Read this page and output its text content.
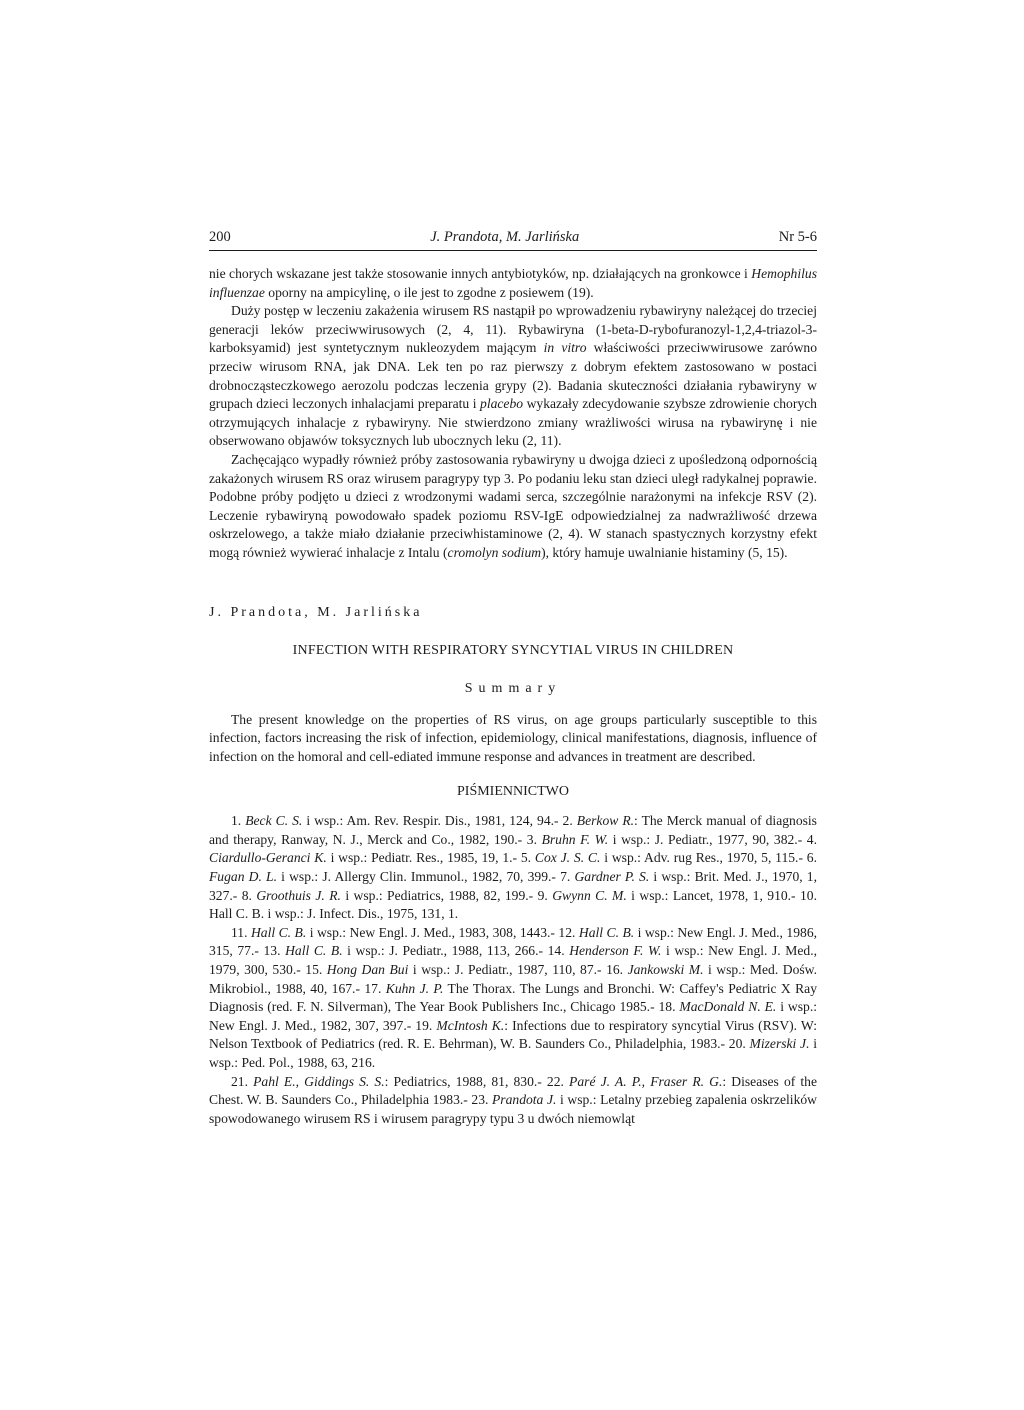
200	J. Prandota, M. Jarlińska	Nr 5-6

nie chorych wskazane jest także stosowanie innych antybiotyków, np. działających na gronkowce i Hemophilus influenzae oporny na ampicylinę, o ile jest to zgodne z posiewem (19).

Duży postęp w leczeniu zakażenia wirusem RS nastąpił po wprowadzeniu rybawiryny należącej do trzeciej generacji leków przeciwwirusowych (2, 4, 11). Rybawiryna (1-beta-D-rybofuranozyl-1,2,4-triazol-3-karboksyamid) jest syntetycznym nukleozydem mającym in vitro właściwości przeciwwirusowe zarówno przeciw wirusom RNA, jak DNA. Lek ten po raz pierwszy z dobrym efektem zastosowano w postaci drobnocząsteczkowego aerozolu podczas leczenia grypy (2). Badania skuteczności działania rybawiryny w grupach dzieci leczonych inhalacjami preparatu i placebo wykazały zdecydowanie szybsze zdrowienie chorych otrzymujących inhalacje z rybawiryny. Nie stwierdzono zmiany wrażliwości wirusa na rybawirynę i nie obserwowano objawów toksycznych lub ubocznych leku (2, 11).

Zachęcająco wypadły również próby zastosowania rybawiryny u dwojga dzieci z upośledzoną odpornością zakażonych wirusem RS oraz wirusem paragrypy typ 3. Po podaniu leku stan dzieci uległ radykalnej poprawie. Podobne próby podjęto u dzieci z wrodzonymi wadami serca, szczególnie narażonymi na infekcje RSV (2). Leczenie rybawiryną powodowało spadek poziomu RSV-IgE odpowiedzialnej za nadwrażliwość drzewa oskrzelowego, a także miało działanie przeciwhistaminowe (2, 4). W stanach spastycznych korzystny efekt mogą również wywierać inhalacje z Intalu (cromolyn sodium), który hamuje uwalnianie histaminy (5, 15).

J. Prandota, M. Jarlińska
INFECTION WITH RESPIRATORY SYNCYTIAL VIRUS IN CHILDREN
Summary
The present knowledge on the properties of RS virus, on age groups particularly susceptible to this infection, factors increasing the risk of infection, epidemiology, clinical manifestations, diagnosis, influence of infection on the homoral and cell-ediated immune response and advances in treatment are described.
PIŚMIENNICTWO

1. Beck C. S. i wsp.: Am. Rev. Respir. Dis., 1981, 124, 94.- 2. Berkow R.: The Merck manual of diagnosis and therapy, Ranway, N. J., Merck and Co., 1982, 190.- 3. Bruhn F. W. i wsp.: J. Pediatr., 1977, 90, 382.- 4. Ciardullo-Geranci K. i wsp.: Pediatr. Res., 1985, 19, 1.- 5. Cox J. S. C. i wsp.: Adv. rug Res., 1970, 5, 115.- 6. Fugan D. L. i wsp.: J. Allergy Clin. Immunol., 1982, 70, 399.- 7. Gardner P. S. i wsp.: Brit. Med. J., 1970, 1, 327.- 8. Groothuis J. R. i wsp.: Pediatrics, 1988, 82, 199.- 9. Gwynn C. M. i wsp.: Lancet, 1978, 1, 910.- 10. Hall C. B. i wsp.: J. Infect. Dis., 1975, 131, 1.

11. Hall C. B. i wsp.: New Engl. J. Med., 1983, 308, 1443.- 12. Hall C. B. i wsp.: New Engl. J. Med., 1986, 315, 77.- 13. Hall C. B. i wsp.: J. Pediatr., 1988, 113, 266.- 14. Henderson F. W. i wsp.: New Engl. J. Med., 1979, 300, 530.- 15. Hong Dan Bui i wsp.: J. Pediatr., 1987, 110, 87.- 16. Jankowski M. i wsp.: Med. Dośw. Mikrobiol., 1988, 40, 167.- 17. Kuhn J. P. The Thorax. The Lungs and Bronchi. W: Caffey's Pediatric X Ray Diagnosis (red. F. N. Silverman), The Year Book Publishers Inc., Chicago 1985.- 18. MacDonald N. E. i wsp.: New Engl. J. Med., 1982, 307, 397.- 19. McIntosh K.: Infections due to respiratory syncytial Virus (RSV). W: Nelson Textbook of Pediatrics (red. R. E. Behrman), W. B. Saunders Co., Philadelphia, 1983.- 20. Mizerski J. i wsp.: Ped. Pol., 1988, 63, 216.

21. Pahl E., Giddings S. S.: Pediatrics, 1988, 81, 830.- 22. Paré J. A. P., Fraser R. G.: Diseases of the Chest. W. B. Saunders Co., Philadelphia 1983.- 23. Prandota J. i wsp.: Letalny przebieg zapalenia oskrzelików spowodowanego wirusem RS i wirusem paragrypy typu 3 u dwóch niemowląt
